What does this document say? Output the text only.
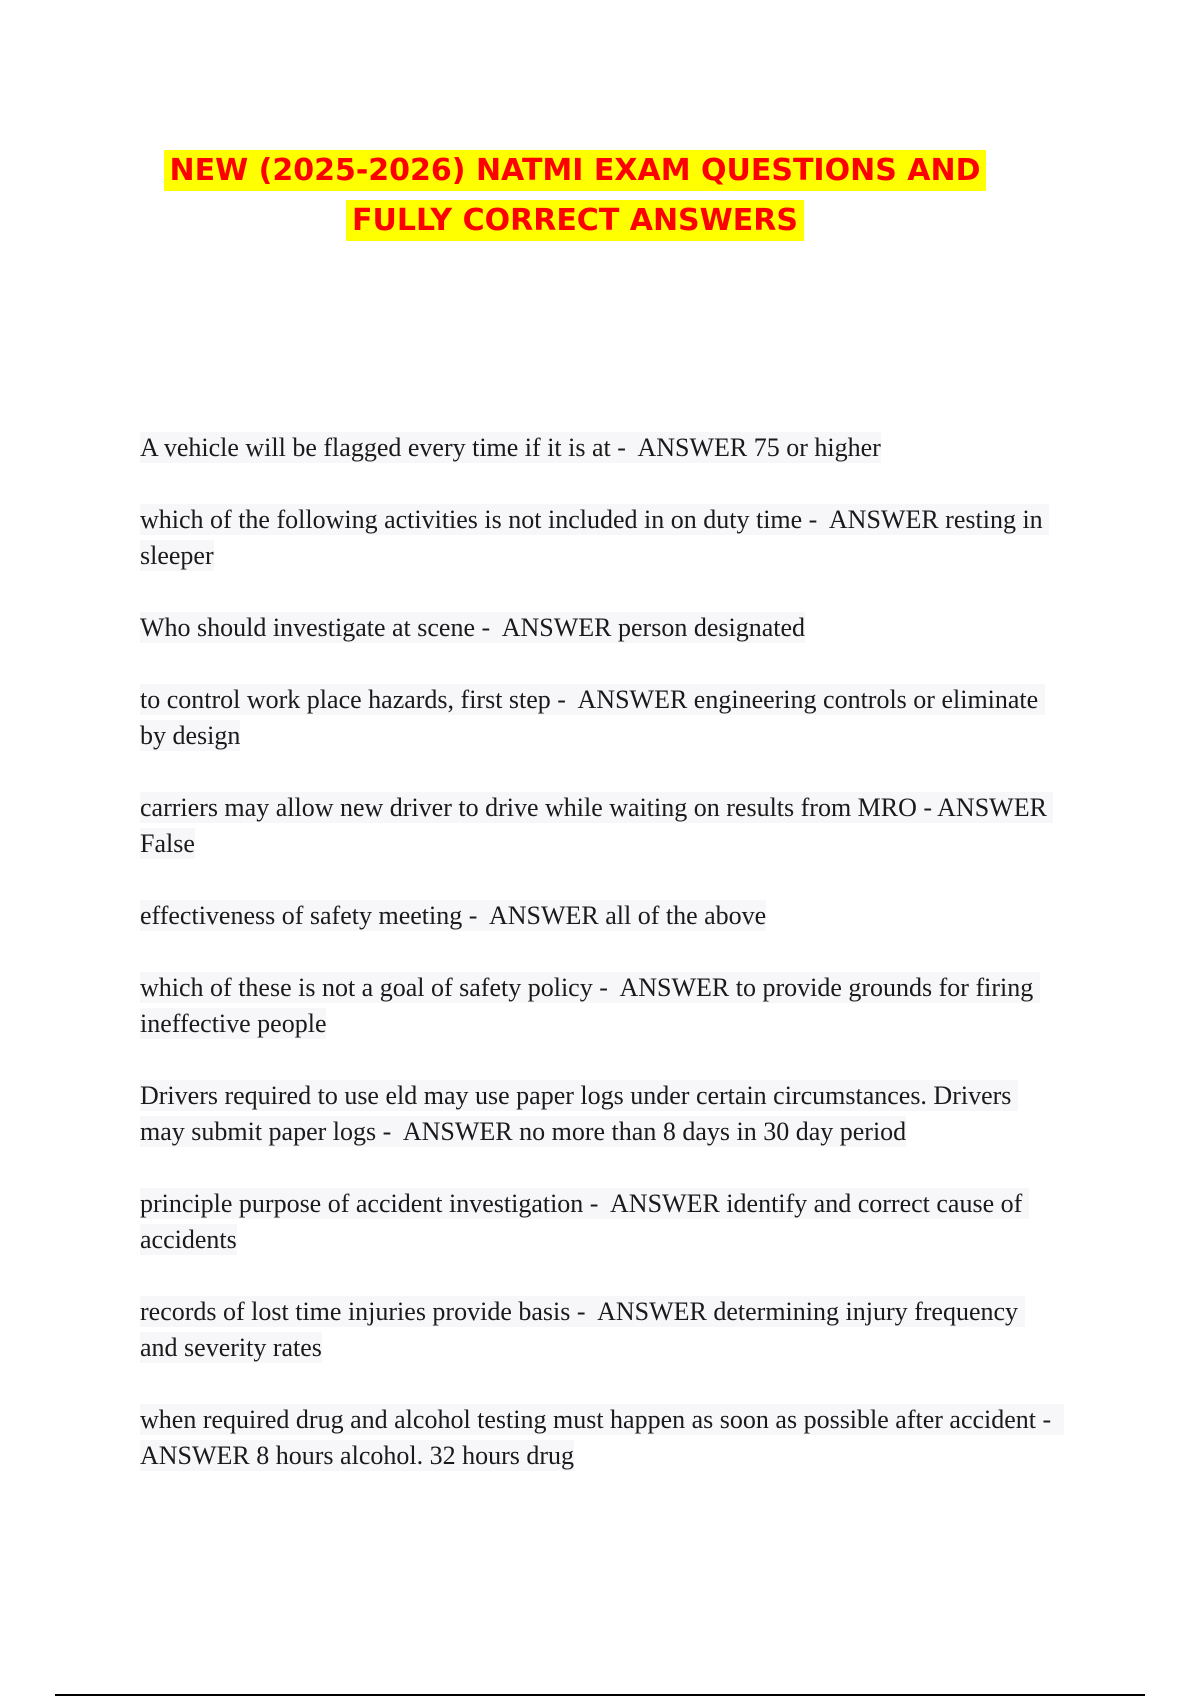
NEW (2025-2026) NATMI EXAM QUESTIONS AND
FULLY CORRECT ANSWERS

A vehicle will be flagged every time if it is at -  ANSWER 75 or higher

which of the following activities is not included in on duty time -  ANSWER resting in sleeper

Who should investigate at scene -  ANSWER person designated

to control work place hazards, first step -  ANSWER engineering controls or eliminate by design

carriers may allow new driver to drive while waiting on results from MRO - ANSWER False

effectiveness of safety meeting -  ANSWER all of the above

which of these is not a goal of safety policy -  ANSWER to provide grounds for firing ineffective people

Drivers required to use eld may use paper logs under certain circumstances. Drivers may submit paper logs -  ANSWER no more than 8 days in 30 day period

principle purpose of accident investigation -  ANSWER identify and correct cause of accidents

records of lost time injuries provide basis -  ANSWER determining injury frequency and severity rates

when required drug and alcohol testing must happen as soon as possible after accident -  ANSWER 8 hours alcohol. 32 hours drug
